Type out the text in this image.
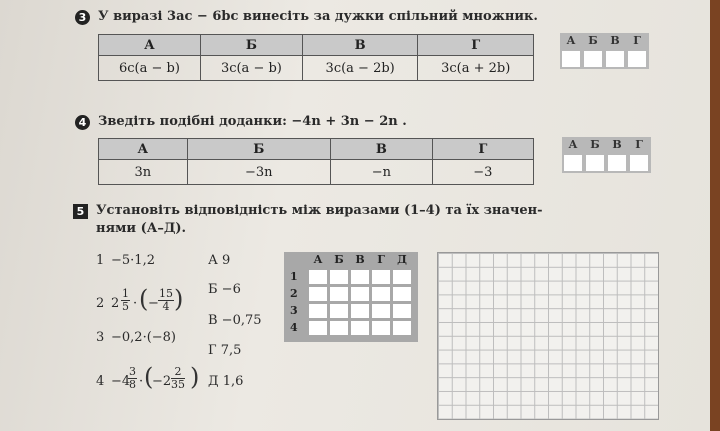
3 У виразі 3ac − 6bc винесіть за дужки спільний множник.
А	Б	В	Г
6c(a − b)	3c(a − b)	3c(a − 2b)	3c(a + 2b)
А	Б	В	Г
4 Зведіть подібні доданки: −4n + 3n − 2n .
А	Б	В	Г
3n	−3n	−n	−3
А	Б	В	Г
5 Установіть відповідність між виразами (1–4) та їх значен-
нями (А–Д).
1 −5·1,2
2 $2 \frac{1}{5}$ · ( − $\frac{15}{4}$ )
3 −0,2·(−8)
4 −4
$\frac{3}{8}$ · (
$-2 \frac{2}{35}$ )
А 9
Б −6
В −0,75
Г 7,5
Д 1,6
А	Б	В	Г	Д
1
2
3
4
